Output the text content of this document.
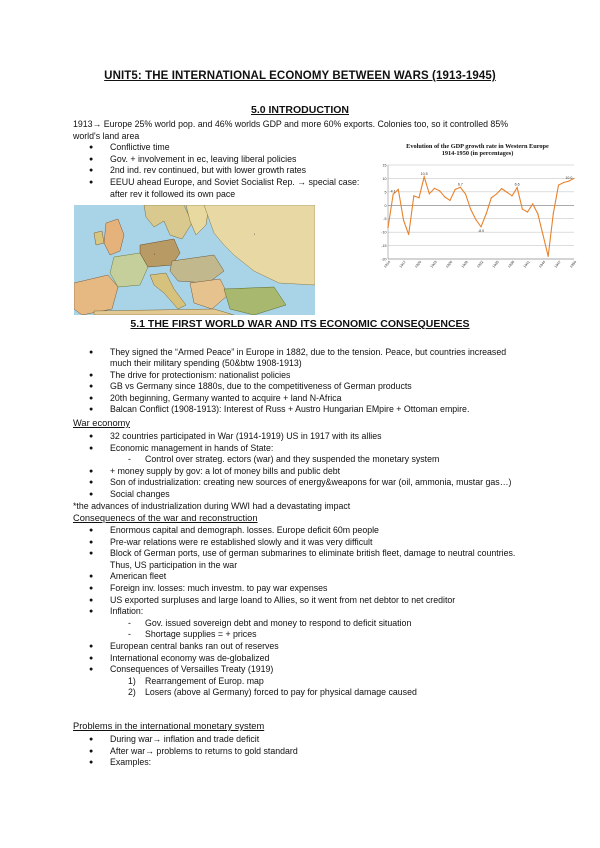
UNIT5: THE INTERNATIONAL ECONOMY BETWEEN WARS (1913-1945)
5.0 INTRODUCTION
1913→ Europe 25% world pop. and 46% worlds GDP and more 60% exports. Colonies too, so it controlled 85%
world's land area
● Conflictive time
● Gov. + involvement in ec, leaving liberal policies
● 2nd ind. rev continued, but with lower growth rates
● EEUU ahead Europe, and Soviet Socialist Rep. → special case:
after rev it followed its own pace
▪
▪
Evolution of the GDP growth rate in Western Europe
1914-1950 (in percentages)
15
10
5
0
-5
-10
-15
-20
1914 1917 1920 1923 1926 1929 1932 1935 1938 1941 1944 1947 1950
4.1
10.5
6.7
-8.0
6.6
10.0
5.1 THE FIRST WORLD WAR AND ITS ECONOMIC CONSEQUENCES
● They signed the “Armed Peace” in Europe in 1882, due to the tension. Peace, but countries increased
much their military spending (50&btw 1908-1913)
● The drive for protectionism: nationalist policies
● GB vs Germany since 1880s, due to the competitiveness of German products
● 20th beginning, Germany wanted to acquire + land N-Africa
● Balcan Conflict (1908-1913): Interest of Russ + Austro Hungarian EMpire + Ottoman empire.
War economy
● 32 countries participated in War (1914-1919) US in 1917 with its allies
● Economic management in hands of State:
- Control over strateg. ectors (war) and they suspended the monetary system
● + money supply by gov: a lot of money bills and public debt
● Son of industrialization: creating new sources of energy&weapons for war (oil, ammonia, mustar gas…)
● Social changes
*the advances of industrialization during WWI had a devastating impact
Consequenecs of the war and reconstruction
● Enormous capital and demograph. losses. Europe deficit 60m people
● Pre-war relations were re established slowly and it was very difficult
● Block of German ports, use of german submarines to eliminate british fleet, damage to neutral countries.
Thus, US participation in the war
● American fleet
● Foreign inv. losses: much investm. to pay war expenses
● US exported surpluses and large loand to Allies, so it went from net debtor to net creditor
● Inflation:
- Gov. issued sovereign debt and money to respond to deficit situation
- Shortage supplies = + prices
● European central banks ran out of reserves
● International economy was de-globalized
● Consequences of Versailles Treaty (1919)
1) Rearrangement of Europ. map
2) Losers (above al Germany) forced to pay for physical damage caused
Problems in the international monetary system
● During war→ inflation and trade deficit
● After war→ problems to returns to gold standard
● Examples:
